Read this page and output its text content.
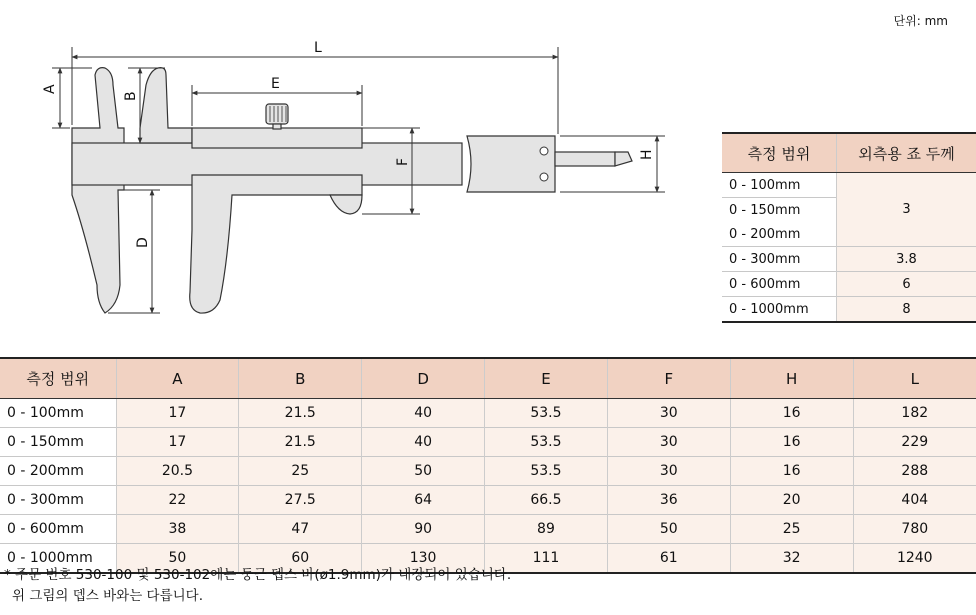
단위: mm
L
E
A
B
D
F
H	측정 범위	외측용 죠 두께
0 - 100mm	3
0 - 150mm	
0 - 200mm	
0 - 300mm	3.8
0 - 600mm	6
0 - 1000mm	8
측정 범위	A	B	D	E	F	H	L
0 - 100mm	17	21.5	40	53.5	30	16	182
0 - 150mm	17	21.5	40	53.5	30	16	229
0 - 200mm	20.5	25	50	53.5	30	16	288
0 - 300mm	22	27.5	64	66.5	36	20	404
0 - 600mm	38	47	90	89	50	25	780
0 - 1000mm	50	60	130	111	61	32	1240
* 주문 번호 530-100 및 530-102에는 둥근 뎁스 바(ø1.9mm)가 내장되어 있습니다.
위 그림의 뎁스 바와는 다릅니다.
